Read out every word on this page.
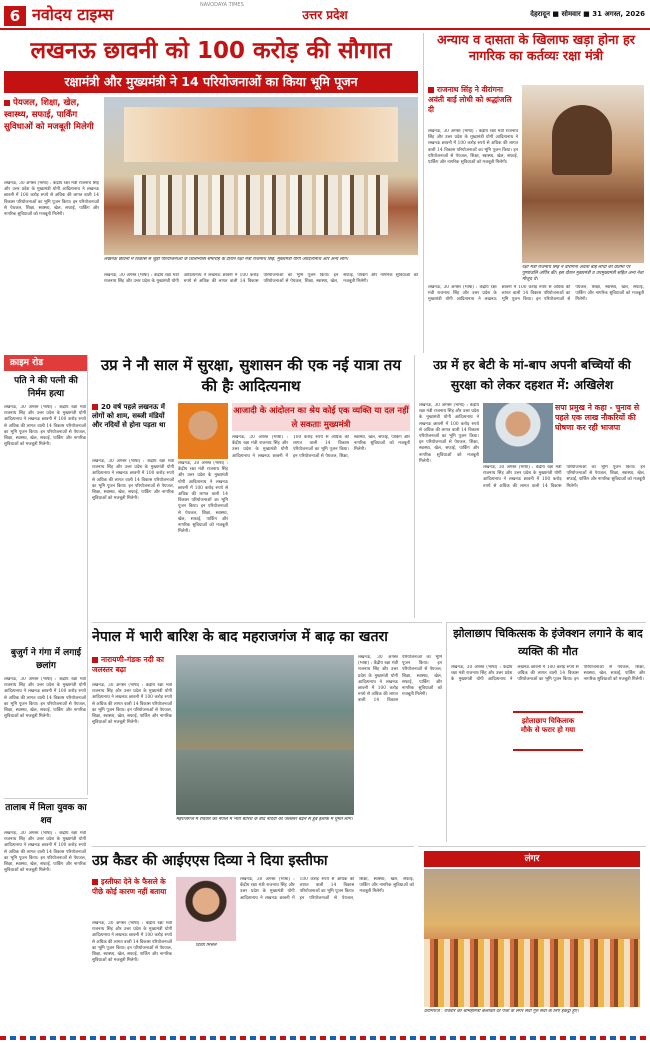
6 नवोदय टाइम्स	NAVODAYA TIMES
उत्तर प्रदेश	देहरादून ■ सोमवार ■ 31 अगस्त, 2026
लखनऊ छावनी को 100 करोड़ की सौगात
रक्षामंत्री और मुख्यमंत्री ने 14 परियोजनाओं का किया भूमि पूजन
पेयजल, शिक्षा, खेल, स्वास्थ्य, सफाई, पार्किंग सुविधाओं को मजबूती मिलेगी
लखनऊ, 30 अगस्त (भाषा) : केंद्रीय रक्षा मंत्री राजनाथ सिंह और उत्तर प्रदेश के मुख्यमंत्री योगी आदित्यनाथ ने लखनऊ छावनी में 100 करोड़ रुपये से अधिक की लागत वाली 14 विकास परियोजनाओं का भूमि पूजन किया। इन परियोजनाओं से पेयजल, शिक्षा, स्वास्थ्य, खेल, सफाई, पार्किंग और नागरिक सुविधाओं को मजबूती मिलेगी।
लखनऊ छावनी में विकास से जुड़ी परियोजनाओं के शिलान्यास समारोह के दौरान रक्षा मंत्री राजनाथ सिंह, मुख्यमंत्री योगी आदित्यनाथ और अन्य लोग।
लखनऊ, 30 अगस्त (भाषा) : केंद्रीय रक्षा मंत्री राजनाथ सिंह और उत्तर प्रदेश के मुख्यमंत्री योगी आदित्यनाथ ने लखनऊ छावनी में 100 करोड़ रुपये से अधिक की लागत वाली 14 विकास परियोजनाओं का भूमि पूजन किया। इन परियोजनाओं से पेयजल, शिक्षा, स्वास्थ्य, खेल, सफाई, पार्किंग और नागरिक सुविधाओं को मजबूती मिलेगी।
अन्याय व दासता के खिलाफ खड़ा होना हर नागरिक का कर्तव्यः रक्षा मंत्री
राजनाथ सिंह ने वीरांगना अवंती बाई लोधी को श्रद्धांजलि दी
लखनऊ, 30 अगस्त (भाषा) : केंद्रीय रक्षा मंत्री राजनाथ सिंह और उत्तर प्रदेश के मुख्यमंत्री योगी आदित्यनाथ ने लखनऊ छावनी में 100 करोड़ रुपये से अधिक की लागत वाली 14 विकास परियोजनाओं का भूमि पूजन किया। इन परियोजनाओं से पेयजल, शिक्षा, स्वास्थ्य, खेल, सफाई, पार्किंग और नागरिक सुविधाओं को मजबूती मिलेगी।
रक्षा मंत्री राजनाथ सिंह ने वीरांगना अवंती बाई लोधी की प्रतिमा पर पुष्पांजलि अर्पित की। इस दौरान मुख्यमंत्री व उपमुख्यमंत्री सहित अन्य नेता मौजूद थे।
लखनऊ, 30 अगस्त (भाषा) : केंद्रीय रक्षा मंत्री राजनाथ सिंह और उत्तर प्रदेश के मुख्यमंत्री योगी आदित्यनाथ ने लखनऊ छावनी में 100 करोड़ रुपये से अधिक की लागत वाली 14 विकास परियोजनाओं का भूमि पूजन किया। इन परियोजनाओं से पेयजल, शिक्षा, स्वास्थ्य, खेल, सफाई, पार्किंग और नागरिक सुविधाओं को मजबूती मिलेगी।
क्राइम रोड
पति ने की पत्नी की निर्मम हत्या
लखनऊ, 30 अगस्त (भाषा) : केंद्रीय रक्षा मंत्री राजनाथ सिंह और उत्तर प्रदेश के मुख्यमंत्री योगी आदित्यनाथ ने लखनऊ छावनी में 100 करोड़ रुपये से अधिक की लागत वाली 14 विकास परियोजनाओं का भूमि पूजन किया। इन परियोजनाओं से पेयजल, शिक्षा, स्वास्थ्य, खेल, सफाई, पार्किंग और नागरिक सुविधाओं को मजबूती मिलेगी।
बुजुर्ग ने गंगा में लगाई छलांग
लखनऊ, 30 अगस्त (भाषा) : केंद्रीय रक्षा मंत्री राजनाथ सिंह और उत्तर प्रदेश के मुख्यमंत्री योगी आदित्यनाथ ने लखनऊ छावनी में 100 करोड़ रुपये से अधिक की लागत वाली 14 विकास परियोजनाओं का भूमि पूजन किया। इन परियोजनाओं से पेयजल, शिक्षा, स्वास्थ्य, खेल, सफाई, पार्किंग और नागरिक सुविधाओं को मजबूती मिलेगी।
उप्र ने नौ साल में सुरक्षा, सुशासन की एक नई यात्रा तय की हैः आदित्यनाथ
20 वर्ष पहले लखनऊ में लोगों को शाम, सब्जी मंडियों और नदियों से होना पड़ता था
आजादी के आंदोलन का श्रेय कोई एक व्यक्ति या दल नहीं ले सकताः मुख्यमंत्री
लखनऊ, 30 अगस्त (भाषा) : केंद्रीय रक्षा मंत्री राजनाथ सिंह और उत्तर प्रदेश के मुख्यमंत्री योगी आदित्यनाथ ने लखनऊ छावनी में 100 करोड़ रुपये से अधिक की लागत वाली 14 विकास परियोजनाओं का भूमि पूजन किया। इन परियोजनाओं से पेयजल, शिक्षा, स्वास्थ्य, खेल, सफाई, पार्किंग और नागरिक सुविधाओं को मजबूती मिलेगी।
लखनऊ, 30 अगस्त (भाषा) : केंद्रीय रक्षा मंत्री राजनाथ सिंह और उत्तर प्रदेश के मुख्यमंत्री योगी आदित्यनाथ ने लखनऊ छावनी में 100 करोड़ रुपये से अधिक की लागत वाली 14 विकास परियोजनाओं का भूमि पूजन किया। इन परियोजनाओं से पेयजल, शिक्षा, स्वास्थ्य, खेल, सफाई, पार्किंग और नागरिक सुविधाओं को मजबूती मिलेगी।
लखनऊ, 30 अगस्त (भाषा) : केंद्रीय रक्षा मंत्री राजनाथ सिंह और उत्तर प्रदेश के मुख्यमंत्री योगी आदित्यनाथ ने लखनऊ छावनी में 100 करोड़ रुपये से अधिक की लागत वाली 14 विकास परियोजनाओं का भूमि पूजन किया। इन परियोजनाओं से पेयजल, शिक्षा, स्वास्थ्य, खेल, सफाई, पार्किंग और नागरिक सुविधाओं को मजबूती मिलेगी।
उप्र में हर बेटी के मां-बाप अपनी बच्चियों की सुरक्षा को लेकर दहशत में: अखिलेश
लखनऊ, 30 अगस्त (भाषा) : केंद्रीय रक्षा मंत्री राजनाथ सिंह और उत्तर प्रदेश के मुख्यमंत्री योगी आदित्यनाथ ने लखनऊ छावनी में 100 करोड़ रुपये से अधिक की लागत वाली 14 विकास परियोजनाओं का भूमि पूजन किया। इन परियोजनाओं से पेयजल, शिक्षा, स्वास्थ्य, खेल, सफाई, पार्किंग और नागरिक सुविधाओं को मजबूती मिलेगी।
सपा प्रमुख ने कहा - चुनाव से पहले एक लाख नौकरियों की घोषणा कर रही भाजपा
लखनऊ, 30 अगस्त (भाषा) : केंद्रीय रक्षा मंत्री राजनाथ सिंह और उत्तर प्रदेश के मुख्यमंत्री योगी आदित्यनाथ ने लखनऊ छावनी में 100 करोड़ रुपये से अधिक की लागत वाली 14 विकास परियोजनाओं का भूमि पूजन किया। इन परियोजनाओं से पेयजल, शिक्षा, स्वास्थ्य, खेल, सफाई, पार्किंग और नागरिक सुविधाओं को मजबूती मिलेगी।
नेपाल में भारी बारिश के बाद महराजगंज में बाढ़ का खतरा
नारायणी-गंडक नदी का जलस्तर बढ़ा
लखनऊ, 30 अगस्त (भाषा) : केंद्रीय रक्षा मंत्री राजनाथ सिंह और उत्तर प्रदेश के मुख्यमंत्री योगी आदित्यनाथ ने लखनऊ छावनी में 100 करोड़ रुपये से अधिक की लागत वाली 14 विकास परियोजनाओं का भूमि पूजन किया। इन परियोजनाओं से पेयजल, शिक्षा, स्वास्थ्य, खेल, सफाई, पार्किंग और नागरिक सुविधाओं को मजबूती मिलेगी।
महराजगंज में रविवार को नेपाल में भारी बारिश के बाद नदियों का जलस्तर बढ़ने से डूबे इलाके में घूमते लोग।
लखनऊ, 30 अगस्त (भाषा) : केंद्रीय रक्षा मंत्री राजनाथ सिंह और उत्तर प्रदेश के मुख्यमंत्री योगी आदित्यनाथ ने लखनऊ छावनी में 100 करोड़ रुपये से अधिक की लागत वाली 14 विकास परियोजनाओं का भूमि पूजन किया। इन परियोजनाओं से पेयजल, शिक्षा, स्वास्थ्य, खेल, सफाई, पार्किंग और नागरिक सुविधाओं को मजबूती मिलेगी।
झोलाछाप चिकित्सक के इंजेक्शन लगाने के बाद व्यक्ति की मौत
लखनऊ, 30 अगस्त (भाषा) : केंद्रीय रक्षा मंत्री राजनाथ सिंह और उत्तर प्रदेश के मुख्यमंत्री योगी आदित्यनाथ ने लखनऊ छावनी में 100 करोड़ रुपये से अधिक की लागत वाली 14 विकास परियोजनाओं का भूमि पूजन किया। इन परियोजनाओं से पेयजल, शिक्षा, स्वास्थ्य, खेल, सफाई, पार्किंग और नागरिक सुविधाओं को मजबूती मिलेगी।
झोलाछाप चिकित्सक मौके से फरार हो गया
तालाब में मिला युवक का शव
लखनऊ, 30 अगस्त (भाषा) : केंद्रीय रक्षा मंत्री राजनाथ सिंह और उत्तर प्रदेश के मुख्यमंत्री योगी आदित्यनाथ ने लखनऊ छावनी में 100 करोड़ रुपये से अधिक की लागत वाली 14 विकास परियोजनाओं का भूमि पूजन किया। इन परियोजनाओं से पेयजल, शिक्षा, स्वास्थ्य, खेल, सफाई, पार्किंग और नागरिक सुविधाओं को मजबूती मिलेगी।
उप्र कैडर की आईएएस दिव्या ने दिया इस्तीफा
इस्तीफा देने के फैसले के पीछे कोई कारण नहीं बताया
लखनऊ, 30 अगस्त (भाषा) : केंद्रीय रक्षा मंत्री राजनाथ सिंह और उत्तर प्रदेश के मुख्यमंत्री योगी आदित्यनाथ ने लखनऊ छावनी में 100 करोड़ रुपये से अधिक की लागत वाली 14 विकास परियोजनाओं का भूमि पूजन किया। इन परियोजनाओं से पेयजल, शिक्षा, स्वास्थ्य, खेल, सफाई, पार्किंग और नागरिक सुविधाओं को मजबूती मिलेगी।
दिव्या मित्तल
लखनऊ, 30 अगस्त (भाषा) : केंद्रीय रक्षा मंत्री राजनाथ सिंह और उत्तर प्रदेश के मुख्यमंत्री योगी आदित्यनाथ ने लखनऊ छावनी में 100 करोड़ रुपये से अधिक की लागत वाली 14 विकास परियोजनाओं का भूमि पूजन किया। इन परियोजनाओं से पेयजल, शिक्षा, स्वास्थ्य, खेल, सफाई, पार्किंग और नागरिक सुविधाओं को मजबूती मिलेगी।
लंगर
प्रयागराज : रविवार को श्रीमहामंत्री कलावेत दर पंजी के लंगर सेवा गुरु सेवा के लिए इकट्ठा हुए।
